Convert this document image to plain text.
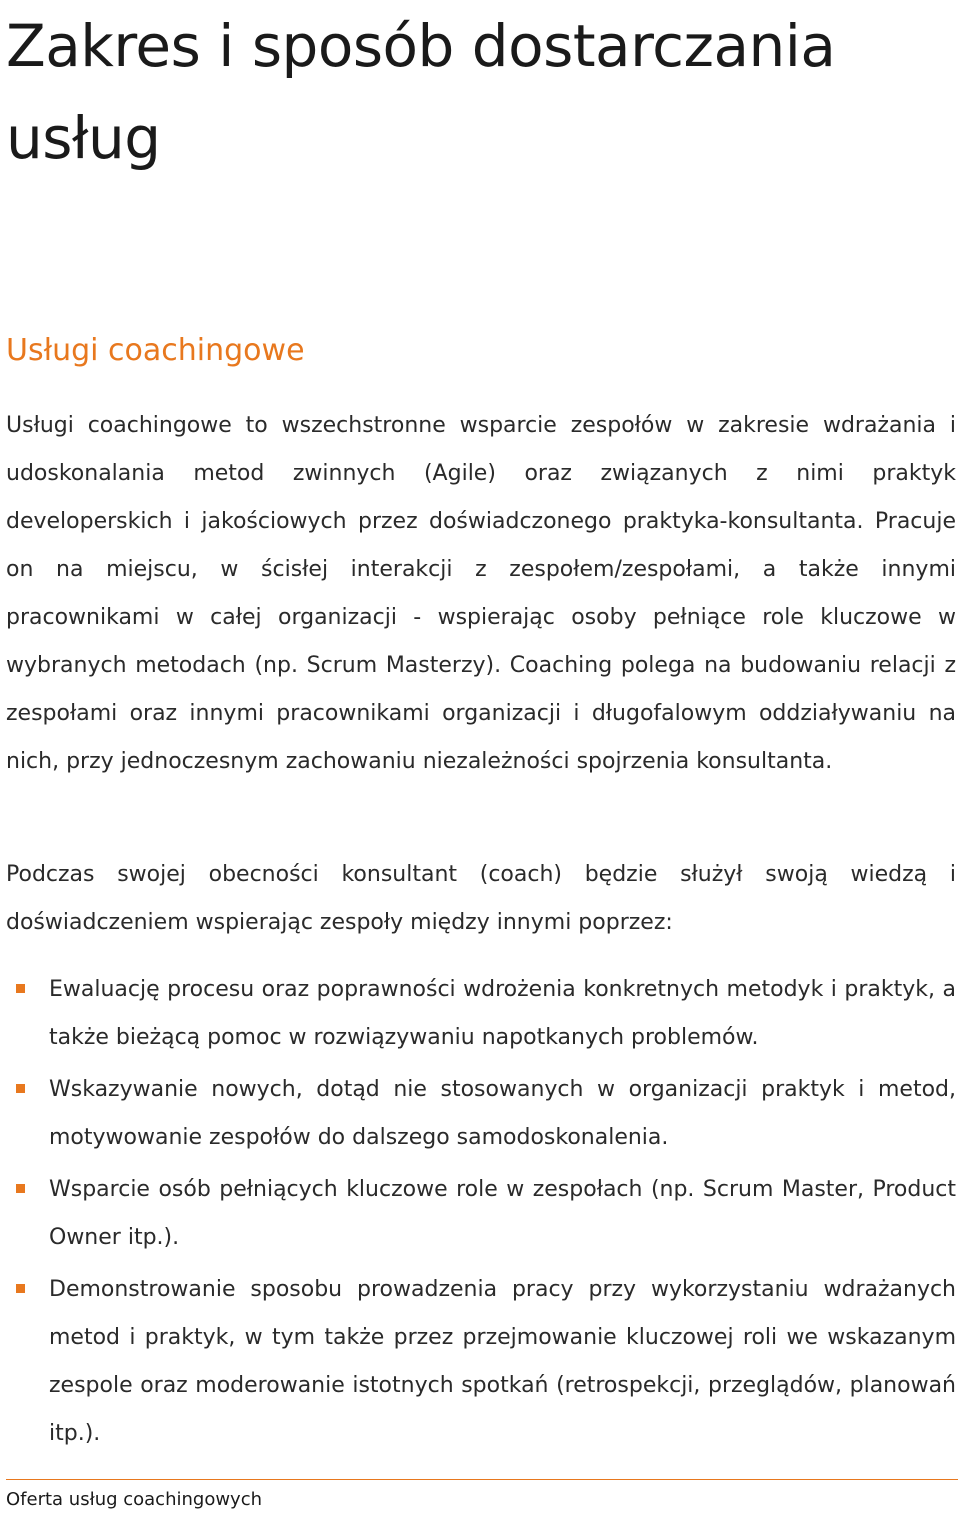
Zakres i sposób dostarczania usług
Usługi coachingowe

Usługi coachingowe to wszechstronne wsparcie zespołów w zakresie wdrażania i udoskonalania metod zwinnych (Agile) oraz związanych z nimi praktyk developerskich i jakościowych przez doświadczonego praktyka-konsultanta. Pracuje on na miejscu, w ścisłej interakcji z zespołem/zespołami, a także innymi pracownikami w całej organizacji - wspierając osoby pełniące role kluczowe w wybranych metodach (np. Scrum Masterzy). Coaching polega na budowaniu relacji z zespołami oraz innymi pracownikami organizacji i długofalowym oddziaływaniu na nich, przy jednoczesnym zachowaniu niezależności spojrzenia konsultanta.

Podczas swojej obecności konsultant (coach) będzie służył swoją wiedzą i doświadczeniem wspierając zespoły między innymi poprzez:

Ewaluację procesu oraz poprawności wdrożenia konkretnych metodyk i praktyk, a także bieżącą pomoc w rozwiązywaniu napotkanych problemów.
Wskazywanie nowych, dotąd nie stosowanych w organizacji praktyk i metod, motywowanie zespołów do dalszego samodoskonalenia.
Wsparcie osób pełniących kluczowe role w zespołach (np. Scrum Master, Product Owner itp.).
Demonstrowanie sposobu prowadzenia pracy przy wykorzystaniu wdrażanych metod i praktyk, w tym także przez przejmowanie kluczowej roli we wskazanym zespole oraz moderowanie istotnych spotkań (retrospekcji, przeglądów, planowań itp.).
Oferta usług coachingowych
